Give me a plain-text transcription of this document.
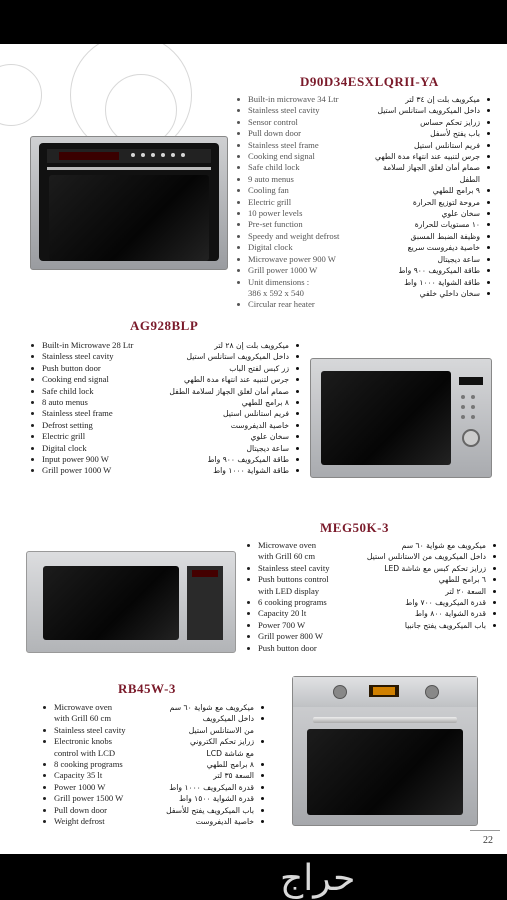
D90D34ESXLQRII-YA
Built-in microwave 34 Ltr
Stainless steel cavity
Sensor control
Pull down door
Stainless steel frame
Cooking end signal
Safe child lock
9 auto menus
Cooling fan
Electric grill
10 power levels
Pre-set function
Speedy and weight defrost
Digital clock
Microwave power 900 W
Grill power 1000 W
Unit dimensions :
386 x 592 x 540
Circular rear heater
ميكرويف بلت إن ٣٤ لتر
داخل الميكرويف استانلس استيل
زرايز تحكم حساس
باب يفتح لأسفل
فريم استانلس استيل
جرس لتنبيه عند انتهاء مدة الطهي
صمام أمان لغلق الجهاز لسلامة
الطفل
٩ برامج للطهي
مروحة لتوزيع الحرارة
سخان علوي
١٠ مستويات للحرارة
وظيفة الضبط المسبق
خاصية ديفروست سريع
ساعة ديجيتال
طاقة الميكرويف ٩٠٠ واط
طاقة الشواية ١٠٠٠ واط
سخان داخلي خلفي
AG928BLP
Built-in Microwave 28 Ltr
Stainless steel cavity
Push button door
Cooking end signal
Safe child lock
8 auto menus
Stainless steel frame
Defrost setting
Electric grill
Digital clock
Input power 900 W
Grill power 1000 W
ميكرويف بلت إن ٢٨ لتر
داخل الميكرويف استانلس استيل
زر كبس لفتح الباب
جرس لتنبيه عند انتهاء مدة الطهي
صمام أمان لغلق الجهاز لسلامة الطفل
٨ برامج للطهي
فريم استانلس استيل
خاصية الديفروست
سخان علوي
ساعة ديجيتال
طاقة الميكرويف ٩٠٠ واط
طاقة الشواية ١٠٠٠ واط
MEG50K-3
Microwave oven
with Grill 60 cm
Stainless steel cavity
Push buttons control
with LED display
6 cooking programs
Capacity 20 lt
Power 700 W
Grill power 800 W
Push button door
ميكرويف مع شواية ٦٠ سم
داخل الميكرويف من الاستانلس استيل
زرايز تحكم كبس مع شاشة LED
٦ برامج للطهي
السعة ٢٠ لتر
قدرة الميكرويف ٧٠٠ واط
قدرة الشواية ٨٠٠ واط
باب الميكرويف يفتح جانبيا
RB45W-3
Microwave oven
with Grill 60 cm
Stainless steel cavity
Electronic knobs
control with LCD
8 cooking programs
Capacity 35 lt
Power 1000 W
Grill power 1500 W
Pull down door
Weight defrost
ميكرويف مع شواية ٦٠ سم
داخل الميكرويف
من الاستانلس استيل
زرايز تحكم الكتروني
مع شاشة LCD
٨ برامج للطهي
السعة ٣٥ لتر
قدرة الميكرويف ١٠٠٠ واط
قدرة الشواية ١٥٠٠ واط
باب الميكرويف يفتح للأسفل
خاصية الديفروست
22
حراج
